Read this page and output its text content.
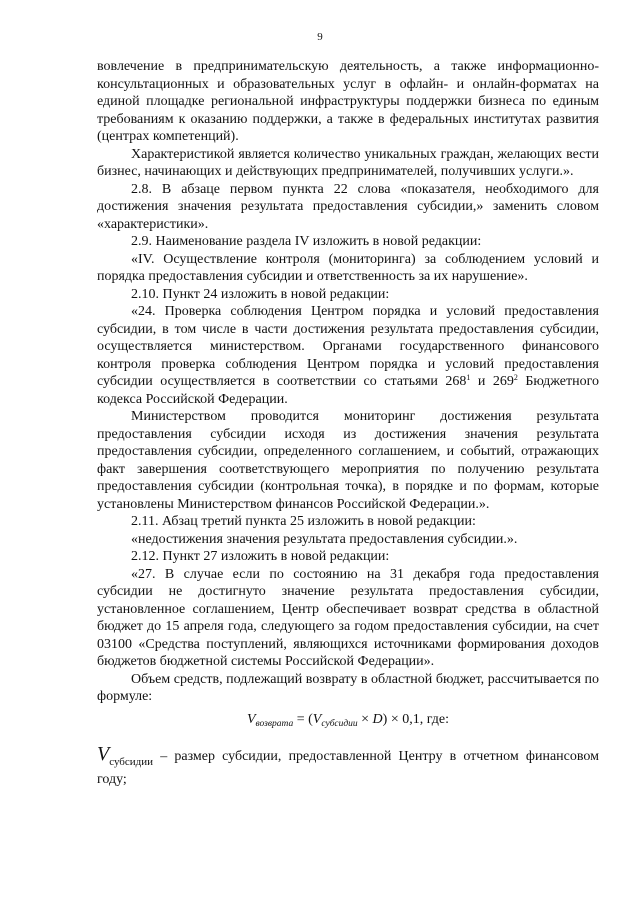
9

вовлечение в предпринимательскую деятельность, а также информационно-консультационных и образовательных услуг в офлайн- и онлайн-форматах на единой площадке региональной инфраструктуры поддержки бизнеса по единым требованиям к оказанию поддержки, а также в федеральных институтах развития (центрах компетенций).

Характеристикой является количество уникальных граждан, желающих вести бизнес, начинающих и действующих предпринимателей, получивших услуги.».

2.8. В абзаце первом пункта 22 слова «показателя, необходимого для достижения значения результата предоставления субсидии,» заменить словом «характеристики».

2.9. Наименование раздела IV изложить в новой редакции:

«IV. Осуществление контроля (мониторинга) за соблюдением условий и порядка предоставления субсидии и ответственность за их нарушение».

2.10. Пункт 24 изложить в новой редакции:

«24. Проверка соблюдения Центром порядка и условий предоставления субсидии, в том числе в части достижения результата предоставления субсидии, осуществляется министерством. Органами государственного финансового контроля проверка соблюдения Центром порядка и условий предоставления субсидии осуществляется в соответствии со статьями $268^1$ и $269^2$ Бюджетного кодекса Российской Федерации.

Министерством проводится мониторинг достижения результата предоставления субсидии исходя из достижения значения результата предоставления субсидии, определенного соглашением, и событий, отражающих факт завершения соответствующего мероприятия по получению результата предоставления субсидии (контрольная точка), в порядке и по формам, которые установлены Министерством финансов Российской Федерации.».

2.11. Абзац третий пункта 25 изложить в новой редакции:

«недостижения значения результата предоставления субсидии.».

2.12. Пункт 27 изложить в новой редакции:

«27. В случае если по состоянию на 31 декабря года предоставления субсидии не достигнуто значение результата предоставления субсидии, установленное соглашением, Центр обеспечивает возврат средства в областной бюджет до 15 апреля года, следующего за годом предоставления субсидии, на счет 03100 «Средства поступлений, являющихся источниками формирования доходов бюджетов бюджетной системы Российской Федерации».

Объем средств, подлежащий возврату в областной бюджет, рассчитывается по формуле:

$V_{возврата} = (V_{субсидии} \times D) \times 0,1$, где:
$V_{субсидии}$ – размер субсидии, предоставленной Центру в отчетном финансовом году;
